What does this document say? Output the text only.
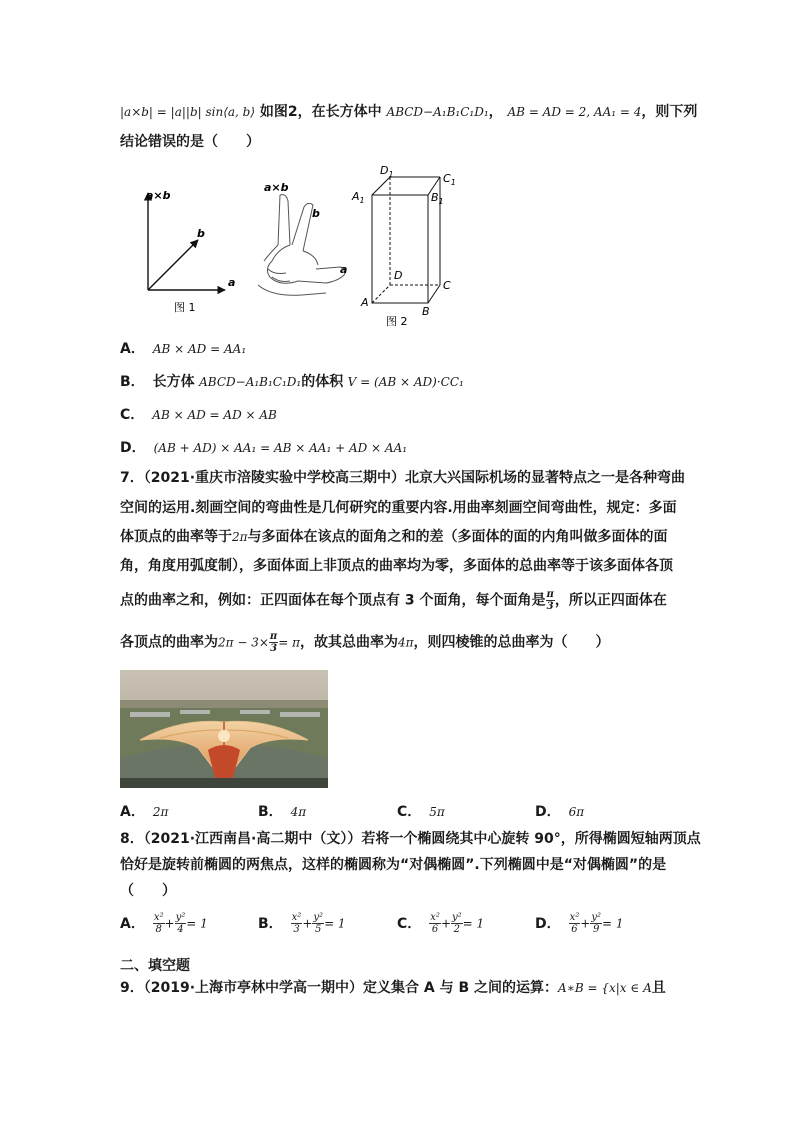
|a×b| = |a||b| sin⟨a, b⟩ 如图2，在长方体中 ABCD−A₁B₁C₁D₁， AB = AD = 2, AA₁ = 4，则下列
结论错误的是（　　）
a×b
b
a
图 1
a×b
b
a
$D_1$	$C_1$
$A_1$	$B_1$
D
C
A
B
图 2
A． AB × AD = AA₁
B． 长方体 ABCD−A₁B₁C₁D₁的体积 V = (AB × AD)·CC₁
C． AB × AD = AD × AB
D． (AB + AD) × AA₁ = AB × AA₁ + AD × AA₁
7．（2021·重庆市涪陵实验中学校高三期中）北京大兴国际机场的显著特点之一是各种弯曲
空间的运用.刻画空间的弯曲性是几何研究的重要内容.用曲率刻画空间弯曲性，规定：多面
体顶点的曲率等于2π与多面体在该点的面角之和的差（多面体的面的内角叫做多面体的面
角，角度用弧度制），多面体面上非顶点的曲率均为零，多面体的总曲率等于该多面体各顶
点的曲率之和，例如：正四面体在每个顶点有 3 个面角，每个面角是 $\frac{\pi}{3}$ ，所以正四面体在
各顶点的曲率为$2\pi - 3\times \frac{\pi}{3} = \pi$，故其总曲率为4π，则四棱锥的总曲率为（　　）
A． 2π	B． 4π	C． 5π	D． 6π
8．（2021·江西南昌·高二期中（文））若将一个椭圆绕其中心旋转 90°，所得椭圆短轴两顶点
恰好是旋转前椭圆的两焦点，这样的椭圆称为“对偶椭圆”.下列椭圆中是“对偶椭圆”的是
（　　）
A． $\frac{\text{x²}}{8} + \frac{\text{y²}}{4} = 1$	B． $\frac{\text{x²}}{3} + \frac{\text{y²}}{5} = 1$	C． $\frac{\text{x²}}{6} + \frac{\text{y²}}{2} = 1$	D． $\frac{\text{x²}}{6} + \frac{\text{y²}}{9} = 1$
二、填空题
9．（2019·上海市亭林中学高一期中）定义集合 A 与 B 之间的运算：A∗B = {x|x ∈ A且
